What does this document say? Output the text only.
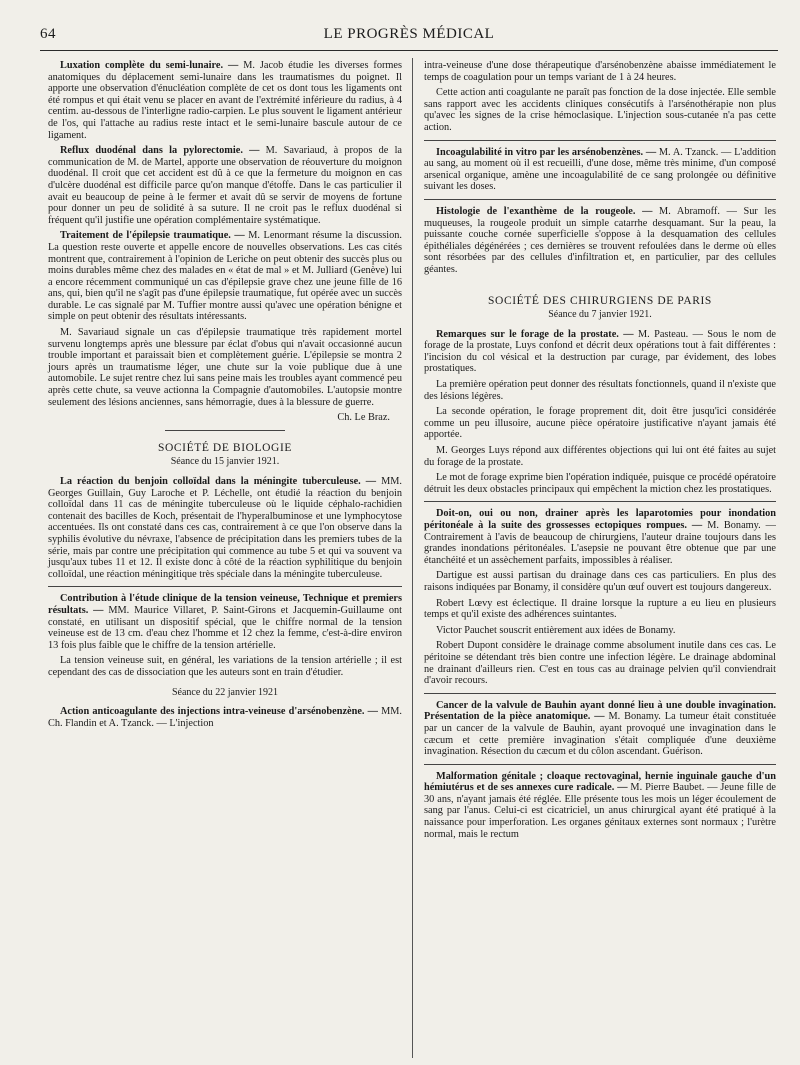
64	LE PROGRÈS MÉDICAL

Luxation complète du semi-lunaire. — M. Jacob étudie les diverses formes anatomiques du déplacement semi-lunaire dans les traumatismes du poignet. Il apporte une observation d'énucléation complète de cet os dont tous les ligaments ont été rompus et qui était venu se placer en avant de l'extrémité inférieure du radius, à 4 centim. au-dessous de l'interligne radio-carpien. Le plus souvent le ligament antérieur de l'os, qui l'attache au radius reste intact et le semi-lunaire bascule autour de ce ligament.

Reflux duodénal dans la pylorectomie. — M. Savariaud, à propos de la communication de M. de Martel, apporte une observation de réouverture du moignon duodénal. Il croit que cet accident est dû à ce que la fermeture du moignon en cas d'ulcère duodénal est difficile parce qu'on manque d'étoffe. Dans le cas particulier il avait eu beaucoup de peine à le fermer et avait dû se servir de moyens de fortune pour donner un peu de solidité à sa suture. Il ne croit pas le reflux duodénal si fréquent qu'il justifie une opération complémentaire systématique.

Traitement de l'épilepsie traumatique. — M. Lenormant résume la discussion. La question reste ouverte et appelle encore de nouvelles observations. Les cas cités montrent que, contrairement à l'opinion de Leriche on peut obtenir des succès plus ou moins durables même chez des malades en « état de mal » et M. Julliard (Genève) lui a encore récemment communiqué un cas d'épilepsie grave chez une jeune fille de 16 ans, qui, bien qu'il ne s'agît pas d'une épilepsie traumatique, fut opérée avec un succès durable. Le cas signalé par M. Tuffier montre aussi qu'avec une opération bénigne et simple on peut obtenir des résultats intéressants.

M. Savariaud signale un cas d'épilepsie traumatique très rapidement mortel survenu longtemps après une blessure par éclat d'obus qui n'avait occasionné aucun trouble important et paraissait bien et complètement guérie. L'épilepsie se montra 2 jours après un traumatisme léger, une chute sur la voie publique due à une automobile. Le sujet rentre chez lui sans peine mais les troubles ayant commencé peu après cette chute, sa veuve actionna la Compagnie d'automobiles. L'autopsie montre seulement des lésions anciennes, sans hémorragie, dues à la blessure de guerre.

Ch. Le Braz.
SOCIÉTÉ DE BIOLOGIE
Séance du 15 janvier 1921.

La réaction du benjoin colloïdal dans la méningite tuberculeuse. — MM. Georges Guillain, Guy Laroche et P. Léchelle, ont étudié la réaction du benjoin colloïdal dans 11 cas de méningite tuberculeuse où le liquide céphalo-rachidien contenait des bacilles de Koch, présentait de l'hyperalbuminose et une lymphocytose accentuées. Ils ont constaté dans ces cas, contrairement à ce que l'on observe dans la syphilis évolutive du névraxe, l'absence de précipitation dans les premiers tubes de la série, mais par contre une précipitation qui commence au tube 5 et qui va souvent va jusqu'aux tubes 11 et 12. Il existe donc à côté de la réaction syphilitique du benjoin colloïdal, une réaction méningitique très spéciale dans la méningite tuberculeuse.

Contribution à l'étude clinique de la tension veineuse, Technique et premiers résultats. — MM. Maurice Villaret, P. Saint-Girons et Jacquemin-Guillaume ont constaté, en utilisant un dispositif spécial, que le chiffre normal de la tension veineuse est de 13 cm. d'eau chez l'homme et 12 chez la femme, c'est-à-dire environ 13 fois plus faible que le chiffre de la tension artérielle.

La tension veineuse suit, en général, les variations de la tension artérielle ; il est cependant des cas de dissociation que les auteurs sont en train d'étudier.

Séance du 22 janvier 1921

Action anticoagulante des injections intra-veineuse d'arsénobenzène. — MM. Ch. Flandin et A. Tzanck. — L'injection

intra-veineuse d'une dose thérapeutique d'arsénobenzène abaisse immédiatement le temps de coagulation pour un temps variant de 1 à 24 heures.

Cette action anti coagulante ne paraît pas fonction de la dose injectée. Elle semble sans rapport avec les accidents cliniques consécutifs à l'arsénothérapie non plus qu'avec les signes de la crise hémoclasique. L'injection sous-cutanée n'a pas cette action.

Incoagulabilité in vitro par les arsénobenzènes. — M. A. Tzanck. — L'addition au sang, au moment où il est recueilli, d'une dose, même très minime, d'un composé arsenical organique, amène une incoagulabilité de ce sang prolongée ou définitive suivant les doses.

Histologie de l'exanthème de la rougeole. — M. Abramoff. — Sur les muqueuses, la rougeole produit un simple catarrhe desquamant. Sur la peau, la puissante couche cornée superficielle s'oppose à la desquamation des cellules épithéliales dégénérées ; ces dernières se trouvent refoulées dans le derme où elles sont résorbées par des cellules d'infiltration et, en particulier, par des cellules géantes.

SOCIÉTÉ DES CHIRURGIENS DE PARIS
Séance du 7 janvier 1921.

Remarques sur le forage de la prostate. — M. Pasteau. — Sous le nom de forage de la prostate, Luys confond et décrit deux opérations tout à fait différentes : l'incision du col vésical et la destruction par curage, par évidement, des lobes prostatiques.

La première opération peut donner des résultats fonctionnels, quand il n'existe que des lésions légères.

La seconde opération, le forage proprement dit, doit être jusqu'ici considérée comme un peu illusoire, aucune pièce opératoire justificative n'ayant jamais été apportée.

M. Georges Luys répond aux différentes objections qui lui ont été faites au sujet du forage de la prostate.

Le mot de forage exprime bien l'opération indiquée, puisque ce procédé opératoire détruit les deux obstacles principaux qui empêchent la miction chez les prostatiques.

Doit-on, oui ou non, drainer après les laparotomies pour inondation péritonéale à la suite des grossesses ectopiques rompues. — M. Bonamy. — Contrairement à l'avis de beaucoup de chirurgiens, l'auteur draine toujours dans les grandes inondations péritonéales. L'asepsie ne pouvant être obtenue que par une étanchéité et un assèchement parfaits, impossibles à réaliser.

Dartigue est aussi partisan du drainage dans ces cas particuliers. En plus des raisons indiquées par Bonamy, il considère qu'un œuf ouvert est toujours dangereux.

Robert Lœvy est éclectique. Il draine lorsque la rupture a eu lieu en plusieurs temps et qu'il existe des adhérences suintantes.

Victor Pauchet souscrit entièrement aux idées de Bonamy.

Robert Dupont considère le drainage comme absolument inutile dans ces cas. Le péritoine se détendant très bien contre une infection légère. Le drainage abdominal ne drainant d'ailleurs rien. C'est en tous cas au drainage pelvien qu'il conviendrait d'avoir recours.

Cancer de la valvule de Bauhin ayant donné lieu à une double invagination. Présentation de la pièce anatomique. — M. Bonamy. La tumeur était constituée par un cancer de la valvule de Bauhin, ayant provoqué une invagination dans le cæcum et cette première invagination s'était compliquée d'une deuxième invagination. Résection du cæcum et du côlon ascendant. Guérison.

Malformation génitale ; cloaque rectovaginal, hernie inguinale gauche d'un hémiutérus et de ses annexes cure radicale. — M. Pierre Baubet. — Jeune fille de 30 ans, n'ayant jamais été réglée. Elle présente tous les mois un léger écoulement de sang par l'anus. Celui-ci est cicatriciel, un anus chirurgical ayant été pratiqué à la naissance pour imperforation. Les organes génitaux externes sont normaux ; l'urètre normal, mais le rectum
